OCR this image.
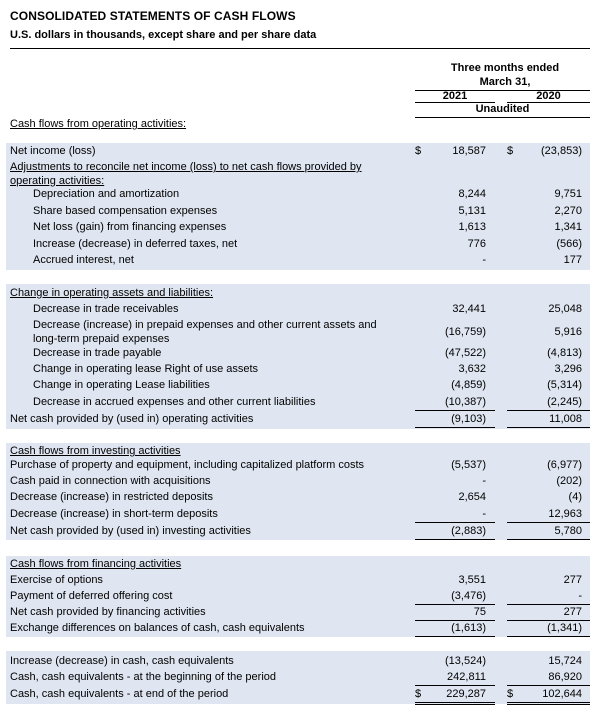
CONSOLIDATED STATEMENTS OF CASH FLOWS
U.S. dollars in thousands, except share and per share data
Three months ended
March 31,
2021	2020
Unaudited
Cash flows from operating activities:
Net income (loss)	$	18,587 $	(23,853)
Adjustments to reconcile net income (loss) to net cash flows provided by operating activities:
Depreciation and amortization	8,244	9,751
Share based compensation expenses	5,131	2,270
Net loss (gain) from financing expenses	1,613	1,341
Increase (decrease) in deferred taxes, net	776	(566)
Accrued interest, net	-	177
Change in operating assets and liabilities:
Decrease in trade receivables	32,441	25,048
Decrease (increase) in prepaid expenses and other current assets and long-term prepaid expenses
(16,759)	5,916
Decrease in trade payable	(47,522)	(4,813)
Change in operating lease Right of use assets	3,632	3,296
Change in operating Lease liabilities	(4,859)	(5,314)
Decrease in accrued expenses and other current liabilities	(10,387)	(2,245)
Net cash provided by (used in) operating activities	(9,103)	11,008
Cash flows from investing activities
Purchase of property and equipment, including capitalized platform costs	(5,537)	(6,977)
Cash paid in connection with acquisitions	-	(202)
Decrease (increase) in restricted deposits	2,654	(4)
Decrease (increase) in short-term deposits	-	12,963
Net cash provided by (used in) investing activities	(2,883)	5,780
Cash flows from financing activities
Exercise of options	3,551	277
Payment of deferred offering cost	(3,476)	-
Net cash provided by financing activities	75	277
Exchange differences on balances of cash, cash equivalents	(1,613)	(1,341)
Increase (decrease) in cash, cash equivalents	(13,524)	15,724
Cash, cash equivalents - at the beginning of the period	242,811	86,920
Cash, cash equivalents - at end of the period	$ 229,287 $	102,644
